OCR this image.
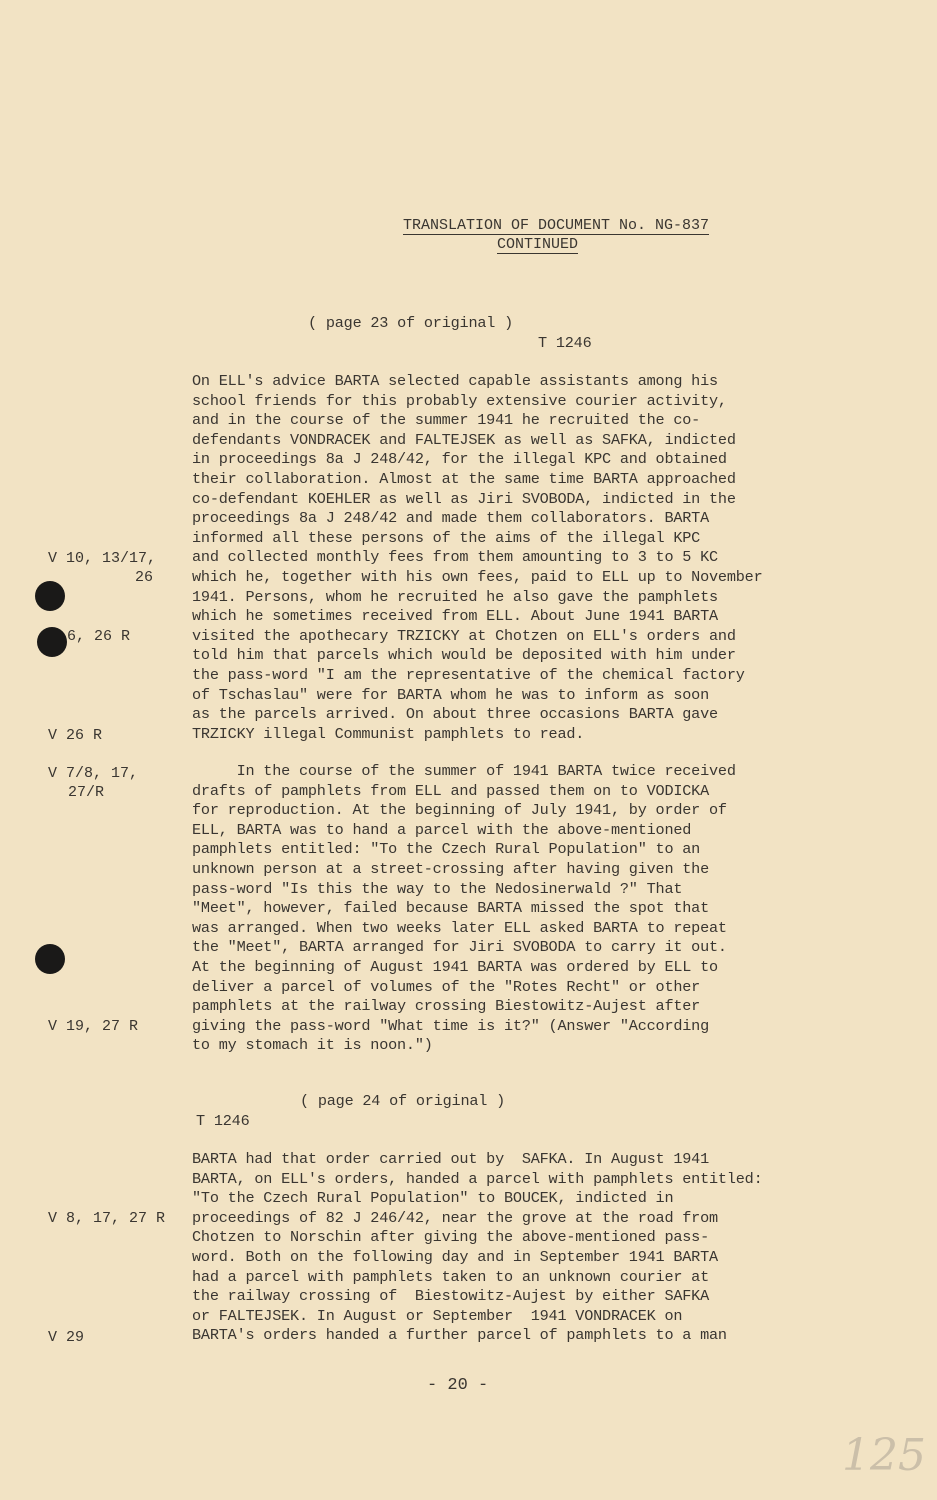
TRANSLATION OF DOCUMENT No. NG-837
CONTINUED
( page 23 of original )
T 1246
On ELL's advice BARTA selected capable assistants among his
school friends for this probably extensive courier activity,
and in the course of the summer 1941 he recruited the co-
defendants VONDRACEK and FALTEJSEK as well as SAFKA, indicted
in proceedings 8a J 248/42, for the illegal KPC and obtained
their collaboration. Almost at the same time BARTA approached
co-defendant KOEHLER as well as Jiri SVOBODA, indicted in the
proceedings 8a J 248/42 and made them collaborators. BARTA
informed all these persons of the aims of the illegal KPC
and collected monthly fees from them amounting to 3 to 5 KC
which he, together with his own fees, paid to ELL up to November
1941. Persons, whom he recruited he also gave the pamphlets
which he sometimes received from ELL. About June 1941 BARTA
visited the apothecary TRZICKY at Chotzen on ELL's orders and
told him that parcels which would be deposited with him under
the pass-word "I am the representative of the chemical factory
of Tschaslau" were for BARTA whom he was to inform as soon
as the parcels arrived. On about three occasions BARTA gave
TRZICKY illegal Communist pamphlets to read.
In the course of the summer of 1941 BARTA twice received
drafts of pamphlets from ELL and passed them on to VODICKA
for reproduction. At the beginning of July 1941, by order of
ELL, BARTA was to hand a parcel with the above-mentioned
pamphlets entitled: "To the Czech Rural Population" to an
unknown person at a street-crossing after having given the
pass-word "Is this the way to the Nedosinerwald ?" That
"Meet", however, failed because BARTA missed the spot that
was arranged. When two weeks later ELL asked BARTA to repeat
the "Meet", BARTA arranged for Jiri SVOBODA to carry it out.
At the beginning of August 1941 BARTA was ordered by ELL to
deliver a parcel of volumes of the "Rotes Recht" or other
pamphlets at the railway crossing Biestowitz-Aujest after
giving the pass-word "What time is it?" (Answer "According
to my stomach it is noon.")
( page 24 of original )
T 1246
BARTA had that order carried out by  SAFKA. In August 1941
BARTA, on ELL's orders, handed a parcel with pamphlets entitled:
"To the Czech Rural Population" to BOUCEK, indicted in
proceedings of 82 J 246/42, near the grove at the road from
Chotzen to Norschin after giving the above-mentioned pass-
word. Both on the following day and in September 1941 BARTA
had a parcel with pamphlets taken to an unknown courier at
the railway crossing of  Biestowitz-Aujest by either SAFKA
or FALTEJSEK. In August or September  1941 VONDRACEK on
BARTA's orders handed a further parcel of pamphlets to a man
V 10, 13/17,
26
6, 26 R
V 26 R
V 7/8, 17,
27/R
V 19, 27 R
V 8, 17, 27 R
V 29
- 20 -
125
